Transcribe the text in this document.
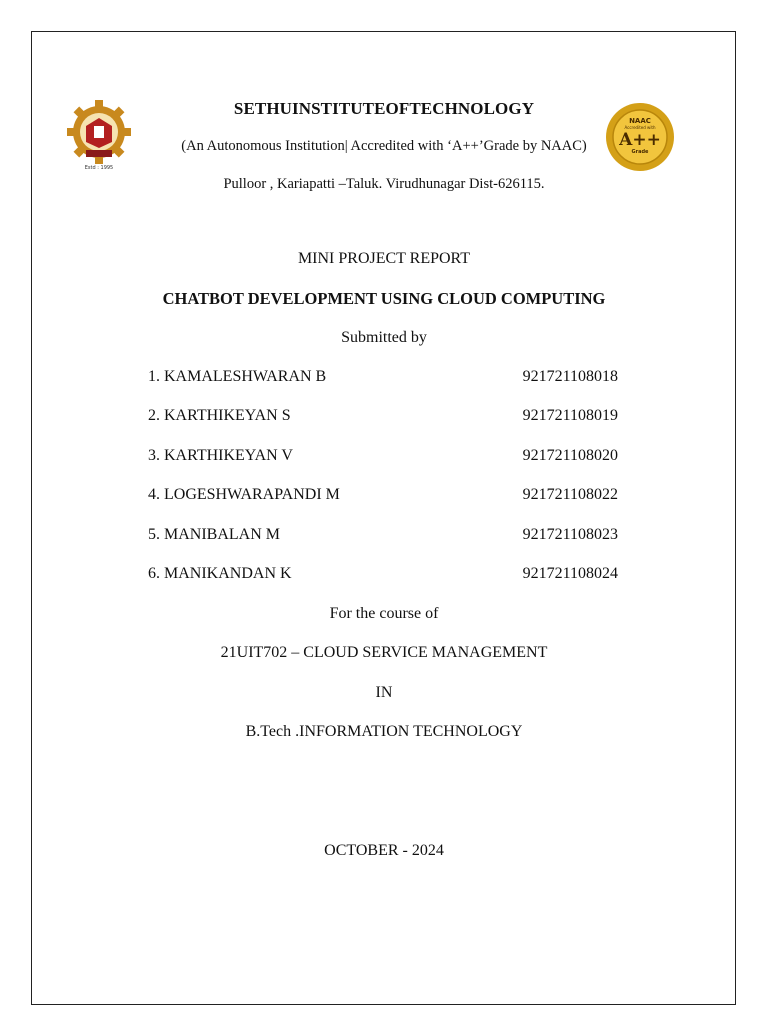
Estd : 1995
NAAC
Accredited with
A++
Grade
SETHUINSTITUTEOFTECHNOLOGY
(An Autonomous Institution| Accredited with ‘A++’Grade by NAAC)
Pulloor , Kariapatti –Taluk. Virudhunagar Dist-626115.
MINI PROJECT REPORT
CHATBOT DEVELOPMENT USING CLOUD COMPUTING
Submitted by
1. KAMALESHWARAN B	921721108018
2. KARTHIKEYAN S	921721108019
3. KARTHIKEYAN V	921721108020
4. LOGESHWARAPANDI M	921721108022
5. MANIBALAN M	921721108023
6. MANIKANDAN K	921721108024
For the course of
21UIT702 – CLOUD SERVICE MANAGEMENT
IN
B.Tech .INFORMATION TECHNOLOGY
OCTOBER - 2024
